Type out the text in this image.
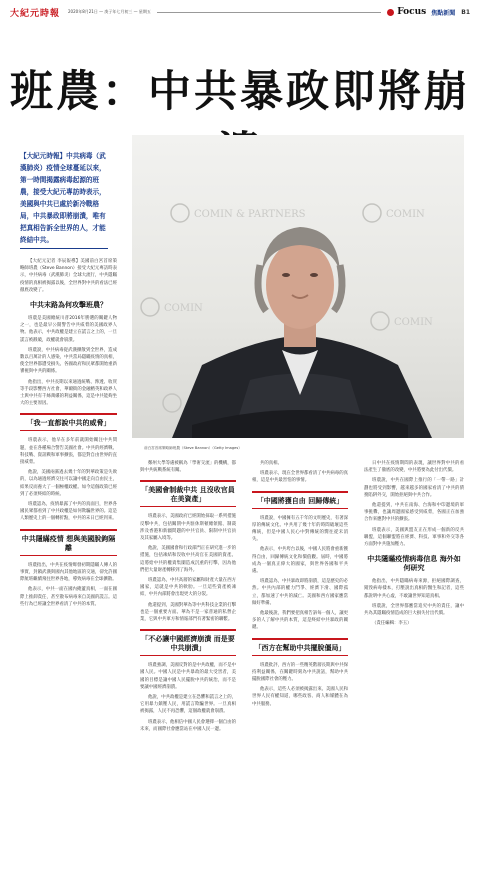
大紀元時報 2020年8月21日 — 庚子年七月初三 — 星期五	Focus 焦點新聞 B1
班農：中共暴政即將崩
【大紀元時報】中共病毒（武漢肺炎）疫情全球蔓延以來，第一時間揭露病毒起源的班農，接受大紀元專訪時表示，美國與中共已處於新冷戰格局，中共暴政即將崩潰，唯有把真相告訴全世界的人，才能終結中共。
COMIN & PARTNERS	COMIN
COMIN
COMIN
前白宮首席策略師班農（Steve Bannon）（Getty Images）

【大紀元記者 李辰報導】美國前白宮首席策略師班農（Steve Bannon）接受大紀元專訪時表示，中共病毒（武漢肺炎）全球大流行，中共隱瞞疫情的真相被揭露以後，全世界對中共的看法已經徹底改變了。

中共末路為何攻擊班農？

班農是美國總統川普2016年勝選的關鍵人物之一，也是最早公開警告中共威脅的美國政界人物。他表示，中共政權是建立在謊言之上的，一旦謊言被戳破，政權就會崩潰。

班農說，中共病毒從武漢擴散到全世界，造成數以百萬計的人感染，中共當局隱瞞疫情的真相，使全世界都遭受損失。各國政府和民眾都開始重新審視與中共的關係。

他指出，中共長期以來通過統戰、滲透、收買等手段影響西方社會，華爾街的金融精英和政界人士與中共有千絲萬縷的利益關係，這是中共能夠坐大的主要原因。

「我一直都說中共的威脅」

班農表示，他早在多年前就開始關注中共問題，並在各種場合警告美國社會。中共的經濟戰、科技戰、資訊戰和軍事擴張，都是對自由世界的直接威脅。

他說，美國兩黨過去幾十年的對華政策是失敗的，以為通過經濟交往可以讓中國走向自由民主，結果反而養大了一個極權政權。如今這個政策已經到了必須終結的時候。

班農認為，疫情暴露了中共的真面目，世界各國民眾都看到了中共政權是如何欺騙世界的。這是人類歷史上的一個轉折點，中共的末日已經到來。

中共隱瞞疫情 想與美國脫鉤隔離

班農指出，中共在疫情爆發初期隱瞞人傳人的事實，封鎖武漢與國內其他地區的交通，卻允許國際航班繼續飛往世界各地，導致病毒在全球擴散。

他表示，中共一面在國內掩蓋真相，一面在國際上推卸責任，甚至散布病毒來自美國的謊言。這些行為已經讓全世界看清了中共的本質。

鄭州大學等處被稱為「學術交流」的機構，都與中共統戰系統有關。

「美國會制裁中共 且沒收官員在美資產」

班農表示，美國政府已經開始採取一系列措施反擊中共，包括關閉中共駐休斯頓總領館、制裁涉及香港和新疆問題的中共官員、限制中共官員及其家屬入境等。

他說，美國國會和行政部門正在研究進一步的措施，包括凍結和沒收中共高官在美國的資產。這將給中共的權貴集團造成沉重的打擊，因為他們把大量財產轉移到了海外。

班農認為，中共高層的家屬和財產大量在西方國家，這就是中共的軟肋。一旦這些資產被凍結，中共內部將會出現更大的分裂。

他還提到，美國對華為等中共科技企業的打擊也是一個重要方面。華為不是一家普通的私營企業，它與中共軍方和情報部門有著緊密的聯繫。

「不必讓中國經濟崩潰 而是要中共崩潰」

班農強調，美國反對的是中共政權，而不是中國人民。中國人民是中共暴政的最大受害者，美國的目標是讓中國人民擺脫中共的統治，而不是要讓中國經濟崩潰。

他說，中共政權是建立在恐懼和謊言之上的，它用暴力鎮壓人民，用謊言欺騙世界。一旦真相被揭露，人民不再恐懼，這個政權就會崩潰。

班農表示，他相信中國人民會選擇一個自由的未來，而國際社會應當站在中國人民一邊。

共的真相。

班農表示，現在全世界都看清了中共病毒的真相，這是中共最害怕的事情。

「中國將獲自由 回歸傳統」

班農說，中國擁有五千年的文明歷史，有著深厚的傳統文化。中共用了幾十年的時間破壞這些傳統，但是中國人民心中對傳統的嚮往從未消失。

他表示，中共垮台以後，中國人民將會重新獲得自由，回歸傳統文化和價值觀。屆時，中國將成為一個真正偉大的國家，與世界各國和平共處。

班農認為，中共暴政即將崩潰，這是歷史的必然。中共內部的權力鬥爭、經濟下滑、國際孤立，都加速了中共的滅亡。美國和西方國家應當做好準備。

他最後說，我們要把真相告訴每一個人，讓更多的人了解中共的本質，這是終結中共暴政的關鍵。

「西方在幫助中共擺脫僵局」

班農批評，西方的一些精英階層長期與中共保持利益關係，在關鍵時刻為中共說話，幫助中共擺脫國際社會的壓力。

他表示，這些人必須被揭露出來。美國人民和世界人民有權知道，哪些政客、商人和媒體在為中共服務。

日中共在疫情期間的表現，讓世界對中共的看法產生了徹底的改變，中共將要為此付出代價。

班農說，中共在國際上推行的「一帶一路」計劃也將受到影響，越來越多的國家看清了中共的債務陷阱外交，開始拒絕與中共合作。

他還提到，中共在南海、台海和中印邊境的軍事挑釁，也讓周邊國家感受到威脅，各國正在加強合作來應對中共的擴張。

班農表示，美國與盟友正在形成一個新的反共聯盟，這個聯盟將在經濟、科技、軍事和外交等各方面對中共施加壓力。

中共隱瞞疫情病毒信息 海外如何研究

他指出，中共隱瞞病毒來源，拒絕國際調查，銷毀病毒樣本，打壓說出真相的醫生和記者，這些都說明中共心虛，不敢讓世界知道真相。

班農說，全世界都應當追究中共的責任，讓中共為其隱瞞疫情造成的巨大損失付出代價。

（責任編輯：李玉）
